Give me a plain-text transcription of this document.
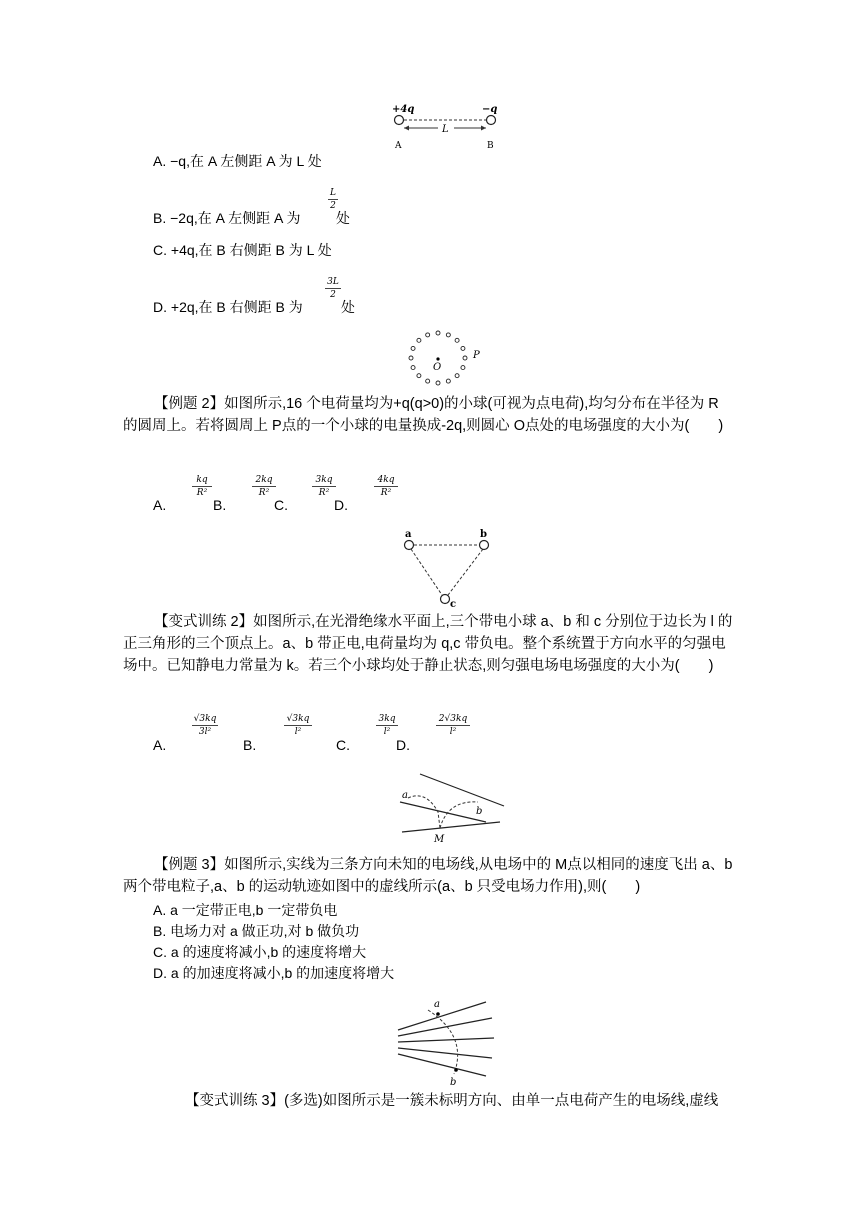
+4q	−q
L
A	B
A. −q,在 A 左侧距 A 为 L 处
B. −2q,在 A 左侧距 A 为
L
2
处
C. +4q,在 B 右侧距 B 为 L 处
D. +2q,在 B 右侧距 B 为
3L
2
处
O
P
【例题 2】如图所示,16 个电荷量均为+q(q>0)的小球(可视为点电荷),均匀分布在半径为 R 的圆周上。若将圆周上 P点的一个小球的电量换成-2q,则圆心 O点处的电场强度的大小为(　　)
A.
kq
R²
B.
2kq
R²
C.
3kq
R²
D.
4kq
R²
a	b
c
【变式训练 2】如图所示,在光滑绝缘水平面上,三个带电小球 a、b 和 c 分别位于边长为 l 的正三角形的三个顶点上。a、b 带正电,电荷量均为 q,c 带负电。整个系统置于方向水平的匀强电场中。已知静电力常量为 k。若三个小球均处于静止状态,则匀强电场电场强度的大小为(　　)
A.
√3kq
3l²
B.
√3kq
l²
C.
3kq
l²
D.
2√3kq
l²
a
b
M
【例题 3】如图所示,实线为三条方向未知的电场线,从电场中的 M点以相同的速度飞出 a、b 两个带电粒子,a、b 的运动轨迹如图中的虚线所示(a、b 只受电场力作用),则(　　)
A. a 一定带正电,b 一定带负电
B. 电场力对 a 做正功,对 b 做负功
C. a 的速度将减小,b 的速度将增大
D. a 的加速度将减小,b 的加速度将增大
a
b
【变式训练 3】(多选)如图所示是一簇未标明方向、由单一点电荷产生的电场线,虚线
